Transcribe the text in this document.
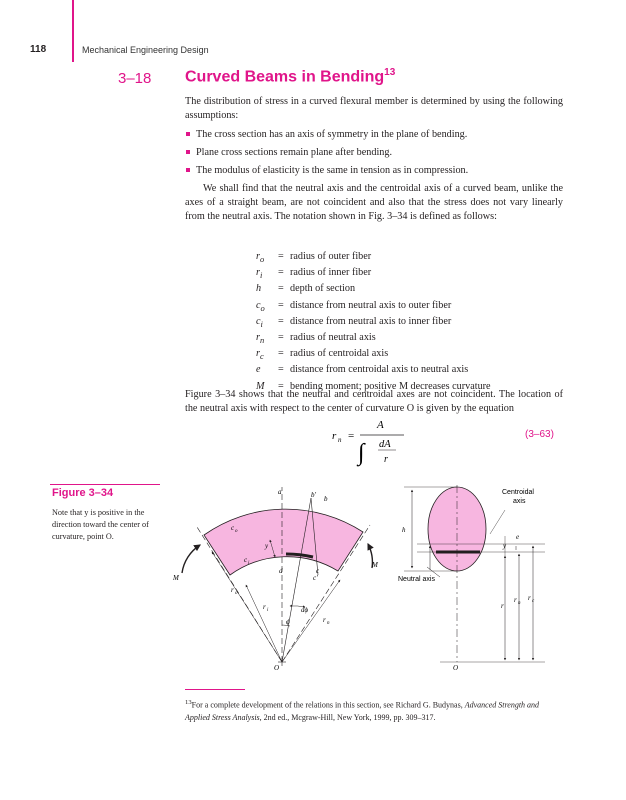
118	Mechanical Engineering Design
3–18 Curved Beams in Bending$^{13}$
The distribution of stress in a curved flexural member is determined by using the following assumptions:
The cross section has an axis of symmetry in the plane of bending.
Plane cross sections remain plane after bending.
The modulus of elasticity is the same in tension as in compression.
We shall find that the neutral axis and the centroidal axis of a curved beam, unlike the axes of a straight beam, are not coincident and also that the stress does not vary linearly from the neutral axis. The notation shown in Fig. 3–34 is defined as follows:
$r_o$ = radius of outer fiber
$r_i$ = radius of inner fiber
h = depth of section
$c_o$ = distance from neutral axis to outer fiber
$c_i$ = distance from neutral axis to inner fiber
$r_n$ = radius of neutral axis
$r_c$ = radius of centroidal axis
e = distance from centroidal axis to neutral axis
M = bending moment; positive M decreases curvature
Figure 3–34 shows that the neutral and centroidal axes are not coincident. The location of the neutral axis with respect to the center of curvature O is given by the equation
r n =
A
∫ dA
r
(3–63)
Figure 3–34
Note that y is positive in the direction toward the center of curvature, point O.
a	b′ b
c
c′
d
c o
c i
y
M
M
r o
r i
r n
dϕ
ϕ
O
h
e
y
Centroidal
axis
Neutral axis
r
r n
r c
O
$^{13}$For a complete development of the relations in this section, see Richard G. Budynas, Advanced Strength and Applied Stress Analysis, 2nd ed., Mcgraw-Hill, New York, 1999, pp. 309–317.
